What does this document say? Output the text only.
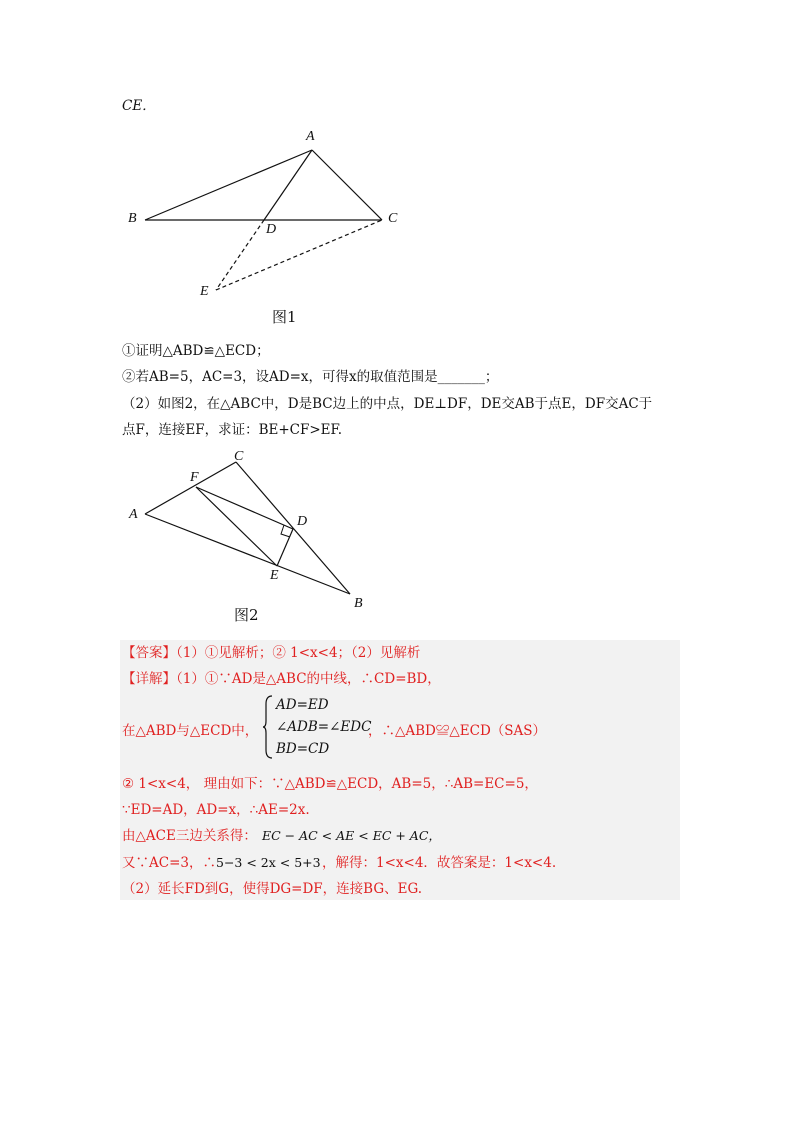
CE．
A
B	C
D
E
图1
①证明△ABD≌△ECD；
②若AB=5，AC=3，设AD=x，可得x的取值范围是_______；
（2）如图2，在△ABC中，D是BC边上的中点，DE⊥DF，DE交AB于点E，DF交AC于
点F，连接EF，求证：BE+CF>EF.
C
F
A	D
E
B
图2
【答案】（1）①见解析；② 1<x<4；（2）见解析
【详解】（1）①∵AD是△ABC的中线，∴CD=BD，
在△ABD与△ECD中，
AD=ED
∠ADB=∠EDC
BD=CD
，∴△ABD≌△ECD（SAS）
② 1<x<4， 理由如下：∵△ABD≌△ECD，AB=5，∴AB=EC=5，
∵ED=AD，AD=x，∴AE=2x.
由△ACE三边关系得： EC − AC < AE < EC + AC，
又∵AC=3，∴ 5−3 < 2x < 5+3 ，解得：1<x<4．故答案是：1<x<4.
（2）延长FD到G，使得DG=DF，连接BG、EG.
